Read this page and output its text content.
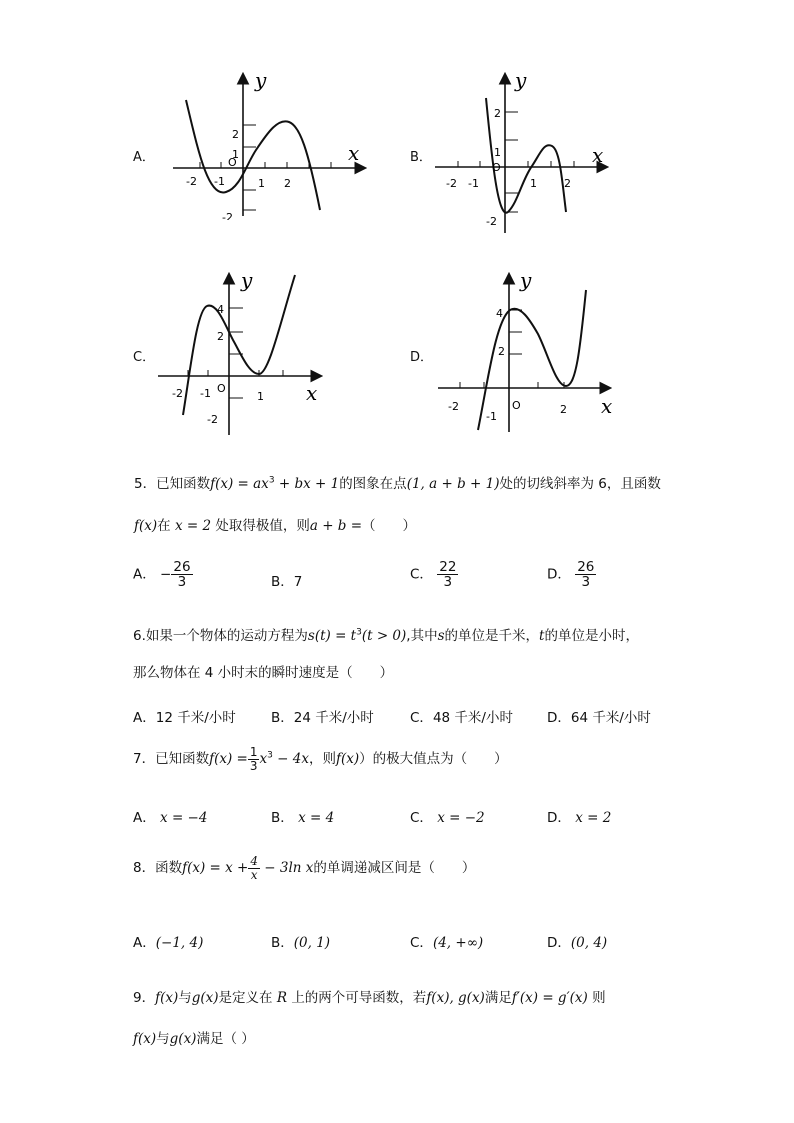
A．
y
x
O
-2 -1	1 2
2
1
-2
B．
y
x
O
-2 -1	1 2
2
1
-2
C．
y
x
O
-2 -1	1
4
2
-2
D．
y
x
O
-2
-1
2
4
2
5．已知函数$f(x) = ax^3$ + bx + 1的图象在点(1, a + b + 1)处的切线斜率为 6，且函数
f(x)在 x = 2 处取得极值，则a + b =（　　）
A． − $\frac{26}{3}$	B．7	C． $\frac{22}{3}$	D． $\frac{26}{3}$
6.如果一个物体的运动方程为$s(t) = t^3(t > 0)$,其中s的单位是千米，t的单位是小时，
那么物体在 4 小时末的瞬时速度是（　　）
A．12 千米/小时	B．24 千米/小时	C．48 千米/小时	D．64 千米/小时
7．已知函数$f(x) = \frac{1}{3} x^3 - 4x$，则f(x)）的极大值点为（　　）
A． x = −4	B． x = 4	C． x = −2	D． x = 2
8．函数$f(x) = x + \frac{4}{x} - 3\ln$ x的单调递减区间是（　　）
A．(−1, 4)	B．(0, 1)	C．(4, +∞)	D．(0, 4)
9．f(x)与g(x)是定义在 R 上的两个可导函数，若f(x), g(x)满足f′(x) = g′(x) 则
f(x)与g(x)满足（ ）
